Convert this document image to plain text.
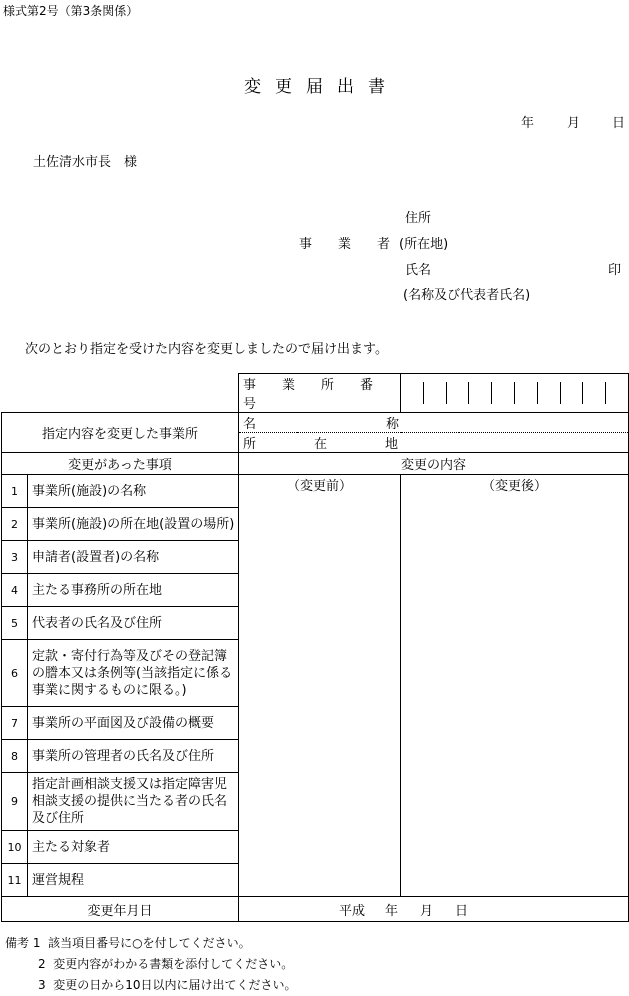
様式第2号（第3条関係）
変更届出書
年	月 日
土佐清水市長　様
住所
事　　業　　者 (所在地)
氏名	印
(名称及び代表者氏名)
次のとおり指定を受けた内容を変更しましたので届け出ます。
		事　　業　　所　　番　　号	

指定内容を変更した事業所		名 称	
		所 在 地	
変更があった事項		変更の内容	
1	事業所(施設)の名称	（変更前）	（変更後）

2	事業所(施設)の所在地(設置の場所)		
3	申請者(設置者)の名称		
4	主たる事務所の所在地		
5	代表者の氏名及び住所		
6	定款・寄付行為等及びその登記簿の謄本又は条例等(当該指定に係る事業に関するものに限る。)		
7	事業所の平面図及び設備の概要		
8	事業所の管理者の氏名及び住所		
9	指定計画相談支援又は指定障害児相談支援の提供に当たる者の氏名及び住所		
10	主たる対象者		
11	運営規程		
変更年月日		平成 年 月 日	
備考 1 該当項目番号に○を付してください。
2 変更内容がわかる書類を添付してください。
3 変更の日から10日以内に届け出てください。
